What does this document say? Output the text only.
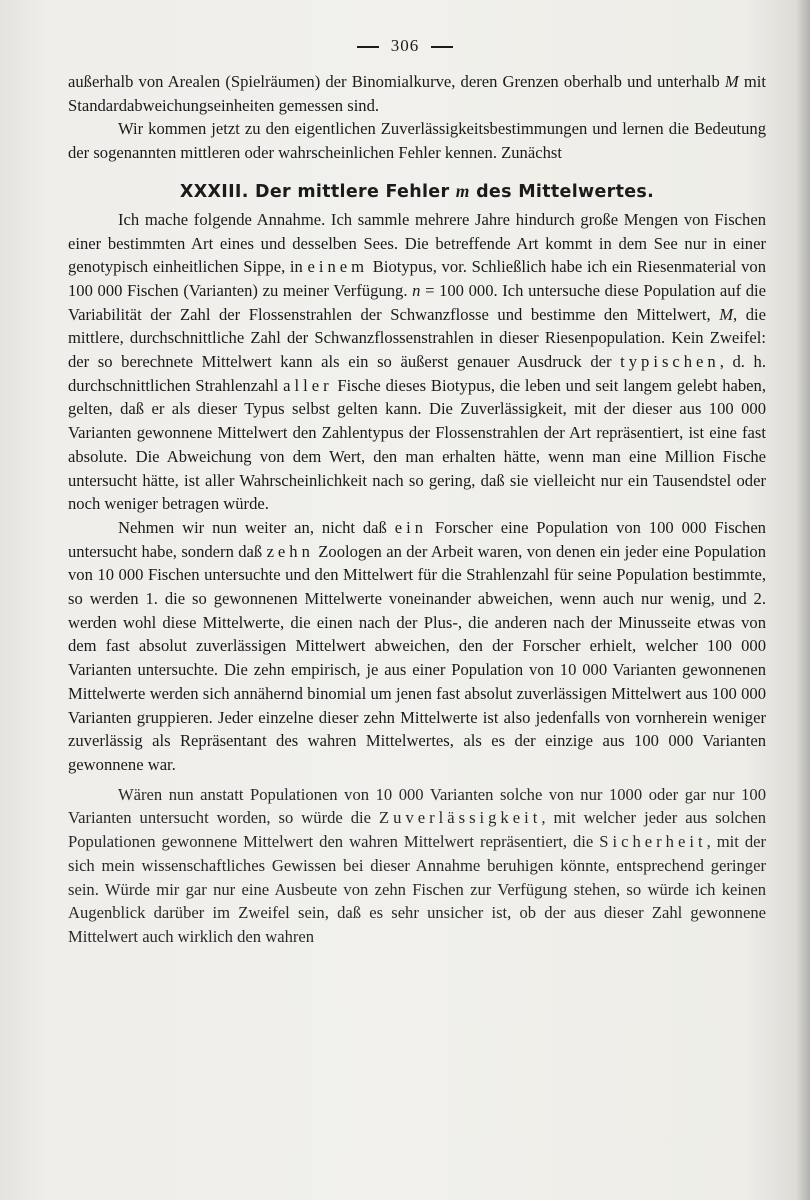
306

außerhalb von Arealen (Spielräumen) der Binomialkurve, deren Grenzen oberhalb und unterhalb M mit Standardabweichungseinheiten gemessen sind.

Wir kommen jetzt zu den eigentlichen Zuverlässigkeitsbestimmungen und lernen die Bedeutung der sogenannten mittleren oder wahrscheinlichen Fehler kennen. Zunächst

XXXIII. Der mittlere Fehler m des Mittelwertes.

Ich mache folgende Annahme. Ich sammle mehrere Jahre hindurch große Mengen von Fischen einer bestimmten Art eines und desselben Sees. Die betreffende Art kommt in dem See nur in einer genotypisch einheitlichen Sippe, in einem Biotypus, vor. Schließlich habe ich ein Riesenmaterial von 100 000 Fischen (Varianten) zu meiner Verfügung. n = 100 000. Ich untersuche diese Population auf die Variabilität der Zahl der Flossenstrahlen der Schwanzflosse und bestimme den Mittelwert, M, die mittlere, durchschnittliche Zahl der Schwanzflossenstrahlen in dieser Riesenpopulation. Kein Zweifel: der so berechnete Mittelwert kann als ein so äußerst genauer Ausdruck der typischen, d. h. durchschnittlichen Strahlenzahl aller Fische dieses Biotypus, die leben und seit langem gelebt haben, gelten, daß er als dieser Typus selbst gelten kann. Die Zuverlässigkeit, mit der dieser aus 100 000 Varianten gewonnene Mittelwert den Zahlentypus der Flossenstrahlen der Art repräsentiert, ist eine fast absolute. Die Abweichung von dem Wert, den man erhalten hätte, wenn man eine Million Fische untersucht hätte, ist aller Wahrscheinlichkeit nach so gering, daß sie vielleicht nur ein Tausendstel oder noch weniger betragen würde.

Nehmen wir nun weiter an, nicht daß ein Forscher eine Population von 100 000 Fischen untersucht habe, sondern daß zehn Zoologen an der Arbeit waren, von denen ein jeder eine Population von 10 000 Fischen untersuchte und den Mittelwert für die Strahlenzahl für seine Population bestimmte, so werden 1. die so gewonnenen Mittelwerte voneinander abweichen, wenn auch nur wenig, und 2. werden wohl diese Mittelwerte, die einen nach der Plus-, die anderen nach der Minusseite etwas von dem fast absolut zuverlässigen Mittelwert abweichen, den der Forscher erhielt, welcher 100 000 Varianten untersuchte. Die zehn empirisch, je aus einer Population von 10 000 Varianten gewonnenen Mittelwerte werden sich annähernd binomial um jenen fast absolut zuverlässigen Mittelwert aus 100 000 Varianten gruppieren. Jeder einzelne dieser zehn Mittelwerte ist also jedenfalls von vornherein weniger zuverlässig als Repräsentant des wahren Mittelwertes, als es der einzige aus 100 000 Varianten gewonnene war.

Wären nun anstatt Populationen von 10 000 Varianten solche von nur 1000 oder gar nur 100 Varianten untersucht worden, so würde die Zuverlässigkeit, mit welcher jeder aus solchen Populationen gewonnene Mittelwert den wahren Mittelwert repräsentiert, die Sicherheit, mit der sich mein wissenschaftliches Gewissen bei dieser Annahme beruhigen könnte, entsprechend geringer sein. Würde mir gar nur eine Ausbeute von zehn Fischen zur Verfügung stehen, so würde ich keinen Augenblick darüber im Zweifel sein, daß es sehr unsicher ist, ob der aus dieser Zahl gewonnene Mittelwert auch wirklich den wahren
